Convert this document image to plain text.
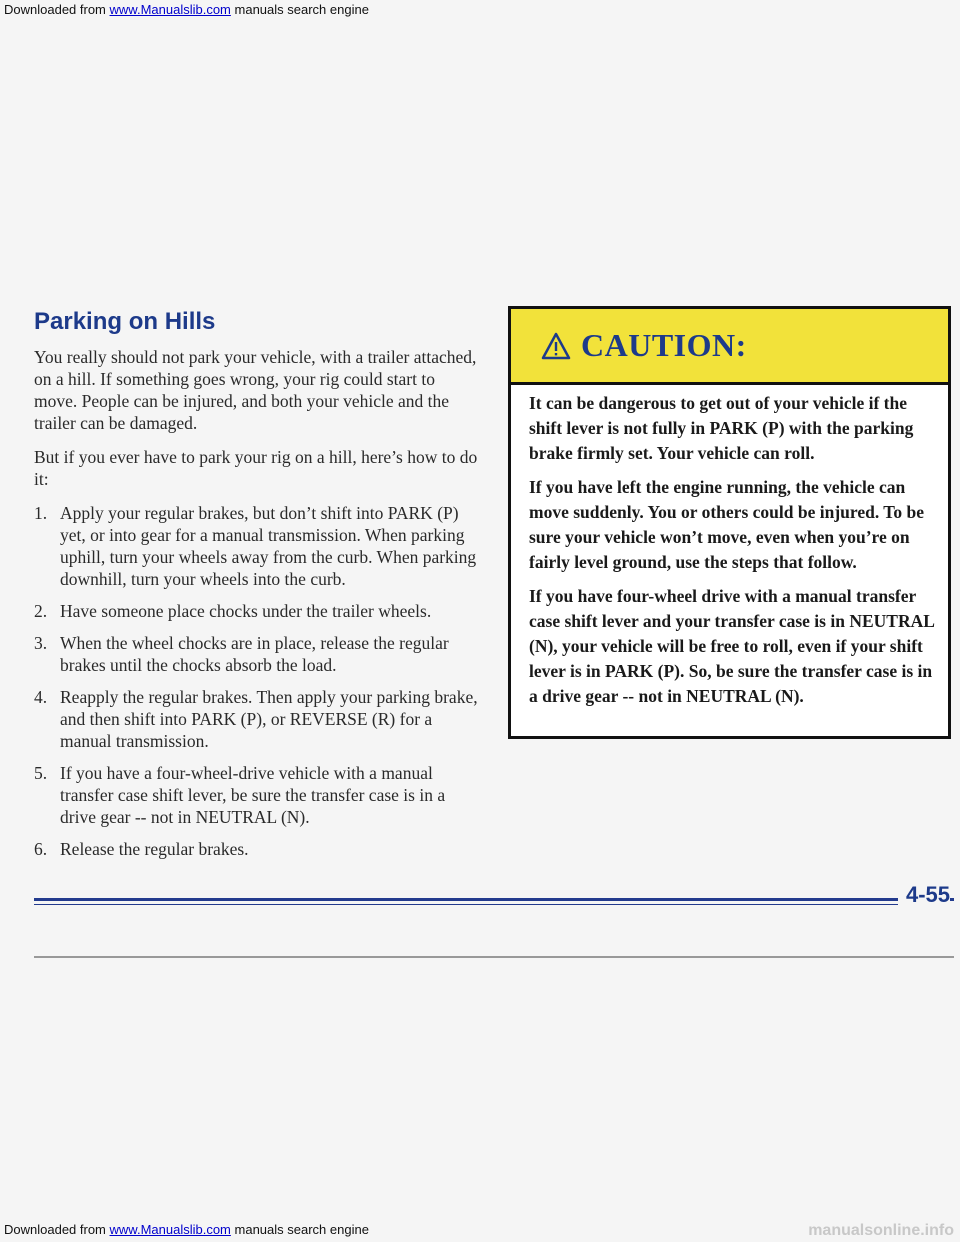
Downloaded from www.Manualslib.com manuals search engine
Parking on Hills

You really should not park your vehicle, with a trailer attached, on a hill. If something goes wrong, your rig could start to move. People can be injured, and both your vehicle and the trailer can be damaged.

But if you ever have to park your rig on a hill, here’s how to do it:

1. Apply your regular brakes, but don’t shift into PARK (P) yet, or into gear for a manual transmission. When parking uphill, turn your wheels away from the curb. When parking downhill, turn your wheels into the curb.
2. Have someone place chocks under the trailer wheels.
3. When the wheel chocks are in place, release the regular brakes until the chocks absorb the load.
4. Reapply the regular brakes. Then apply your parking brake, and then shift into PARK (P), or REVERSE (R) for a manual transmission.
5. If you have a four-wheel-drive vehicle with a manual transfer case shift lever, be sure the transfer case is in a drive gear -- not in NEUTRAL (N).
6. Release the regular brakes.
CAUTION:

It can be dangerous to get out of your vehicle if the shift lever is not fully in PARK (P) with the parking brake firmly set. Your vehicle can roll.

If you have left the engine running, the vehicle can move suddenly. You or others could be injured. To be sure your vehicle won’t move, even when you’re on fairly level ground, use the steps that follow.

If you have four-wheel drive with a manual transfer case shift lever and your transfer case is in NEUTRAL (N), your vehicle will be free to roll, even if your shift lever is in PARK (P). So, be sure the transfer case is in a drive gear -- not in NEUTRAL (N).

4-55
Downloaded from www.Manualslib.com manuals search engine	manualsonline.info
